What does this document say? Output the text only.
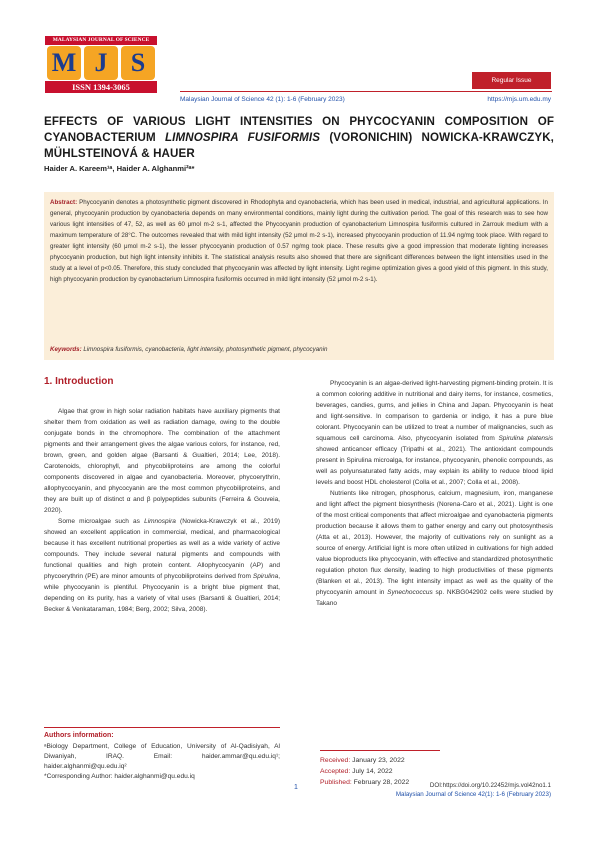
MALAYSIAN JOURNAL OF SCIENCE
M J S
ISSN 1394-3065
Regular Issue
Malaysian Journal of Science 42 (1): 1-6 (February 2023)	https://mjs.um.edu.my
EFFECTS OF VARIOUS LIGHT INTENSITIES ON PHYCOCYANIN COMPOSITION OF CYANOBACTERIUM LIMNOSPIRA FUSIFORMIS (VORONICHIN) NOWICKA-KRAWCZYK, MÜHLSTEINOVÁ & HAUER
Haider A. Kareem¹ᵃ, Haider A. Alghanmi²ᵃ*
Abstract: Phycocyanin denotes a photosynthetic pigment discovered in Rhodophyta and cyanobacteria, which has been used in medical, industrial, and agricultural applications. In general, phycocyanin production by cyanobacteria depends on many environmental conditions, mainly light during the cultivation period. The goal of this research was to see how various light intensities of 47, 52, as well as 60 μmol m-2 s-1, affected the Phycocyanin production of cyanobacterium Limnospira fusiformis cultured in Zarrouk medium with a maximum temperature of 28°C. The outcomes revealed that with mild light intensity (52 μmol m-2 s-1), increased phycocyanin production of 11.94 ng/mg took place. With regard to greater light intensity (60 μmol m-2 s-1), the lesser phycocyanin production of 0.57 ng/mg took place. These results give a good impression that moderate lighting increases phycocyanin production, but high light intensity inhibits it. The statistical analysis results also showed that there are significant differences between the light intensities used in the study at a level of p<0.05. Therefore, this study concluded that phycocyanin was affected by light intensity. Light regime optimization gives a good yield of this pigment. In this study, high phycocyanin production by cyanobacterium Limnospira fusiformis occurred in mild light intensity (52 μmol m-2 s-1).
Keywords: Limnospira fusiformis, cyanobacteria, light intensity, photosynthetic pigment, phycocyanin
1. Introduction

Algae that grow in high solar radiation habitats have auxiliary pigments that shelter them from oxidation as well as radiation damage, owing to the double conjugate bonds in the chromophore. The combination of the attachment pigments and their arrangement gives the algae various colors, for instance, red, brown, green, and golden algae (Barsanti & Gualtieri, 2014; Lee, 2018). Carotenoids, chlorophyll, and phycobiliproteins are among the colorful components discovered in algae and cyanobacteria. Moreover, phycoerythrin, allophycocyanin, and phycocyanin are the most common phycobiliproteins, and they are built up of distinct α and β polypeptides subunits (Ferreira & Gouveia, 2020).

Some microalgae such as Limnospira (Nowicka-Krawczyk et al., 2019) showed an excellent application in commercial, medical, and pharmacological because it has excellent nutritional properties as well as a wide variety of active compounds. They include several natural pigments and compounds with functional qualities and high protein content. Allophycocyanin (AP) and phycoerythrin (PE) are minor amounts of phycobiliproteins derived from Spirulina, while phycocyanin is plentiful. Phycocyanin is a bright blue pigment that, depending on its purity, has a variety of vital uses (Barsanti & Gualtieri, 2014; Becker & Venkataraman, 1984; Berg, 2002; Silva, 2008).

Phycocyanin is an algae-derived light-harvesting pigment-binding protein. It is a common coloring additive in nutritional and dairy items, for instance, cosmetics, beverages, candies, gums, and jellies in China and Japan. Phycocyanin is heat and light-sensitive. In comparison to gardenia or indigo, it has a pure blue colorant. Phycocyanin can be utilized to treat a number of malignancies, such as squamous cell carcinoma. Also, phycocyanin isolated from Spirulina platensis showed anticancer efficacy (Tripathi et al., 2021). The antioxidant compounds present in Spirulina microalga, for instance, phycocyanin, phenolic compounds, as well as polyunsaturated fatty acids, may explain its ability to reduce blood lipid levels and boost HDL cholesterol (Colla et al., 2007; Colla et al., 2008).

Nutrients like nitrogen, phosphorus, calcium, magnesium, iron, manganese and light affect the pigment biosynthesis (Norena-Caro et al., 2021). Light is one of the most critical components that affect microalgae and cyanobacteria pigments production because it allows them to gather energy and carry out photosynthesis (Atta et al., 2013). However, the majority of cultivations rely on sunlight as a source of energy. Artificial light is more often utilized in cultivations for high added value bioproducts like phycocyanin, with effective and standardized photosynthetic regulation photon flux density, leading to high productivities of these pigments (Blanken et al., 2013). The light intensity impact as well as the quality of the phycocyanin amount in Synechococcus sp. NKBG042902 cells were studied by Takano

Authors information:
ᵃBiology Department, College of Education, University of Al-Qadisiyah, Al Diwaniyah, IRAQ. Email: haider.ammar@qu.edu.iq¹; haider.alghanmi@qu.edu.iq²
*Corresponding Author: haider.alghanmi@qu.edu.iq
Received: January 23, 2022
Accepted: July 14, 2022
Published: February 28, 2022
1	DOI:https://doi.org/10.22452/mjs.vol42no1.1
Malaysian Journal of Science 42(1): 1-6 (February 2023)
